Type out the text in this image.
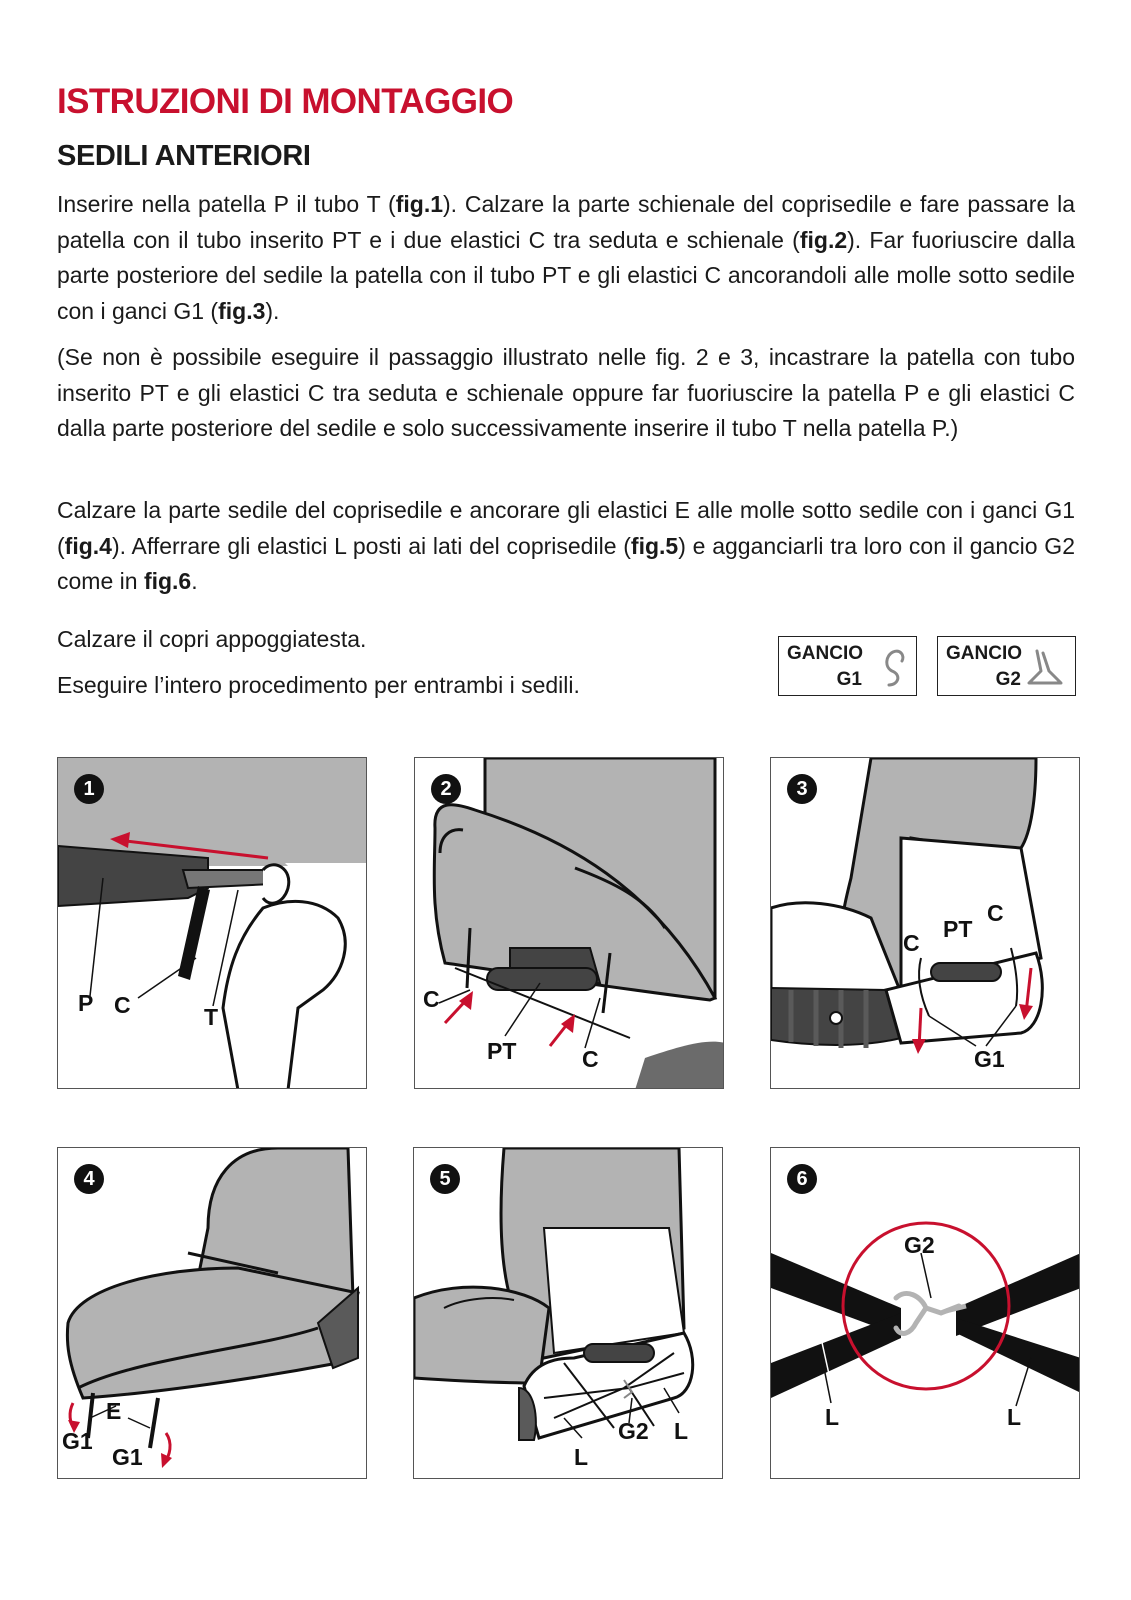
ISTRUZIONI DI MONTAGGIO
SEDILI ANTERIORI

Inserire nella patella P il tubo T (fig.1). Calzare la parte schienale del coprisedile e fare passare la patella con il tubo inserito PT e i due elastici C tra seduta e schienale (fig.2). Far fuoriuscire dalla parte posteriore del sedile la patella con il tubo PT e gli elastici C ancorandoli alle molle sotto sedile con i ganci G1 (fig.3).

(Se non è possibile eseguire il passaggio illustrato nelle fig. 2 e 3, incastrare la patella con tubo inserito PT e gli elastici C tra seduta e schienale oppure far fuoriuscire la patella P e gli elastici C dalla parte posteriore del sedile e solo successivamente inserire il tubo T nella patella P.)

Calzare la parte sedile del coprisedile e ancorare gli elastici E alle molle sotto sedile con i ganci G1 (fig.4). Afferrare gli elastici L posti ai lati del coprisedile (fig.5) e agganciarli tra loro con il gancio G2 come in fig.6.

Calzare il copri appoggiatesta.

Eseguire l’intero procedimento per entrambi i sedili.

GANCIO
G1
GANCIO
G2
1
P C	T
2
C
PT	C
3
C
PT
C
G1
4
E
G1
G1
5
G2
L
L
6
G2
L	L
